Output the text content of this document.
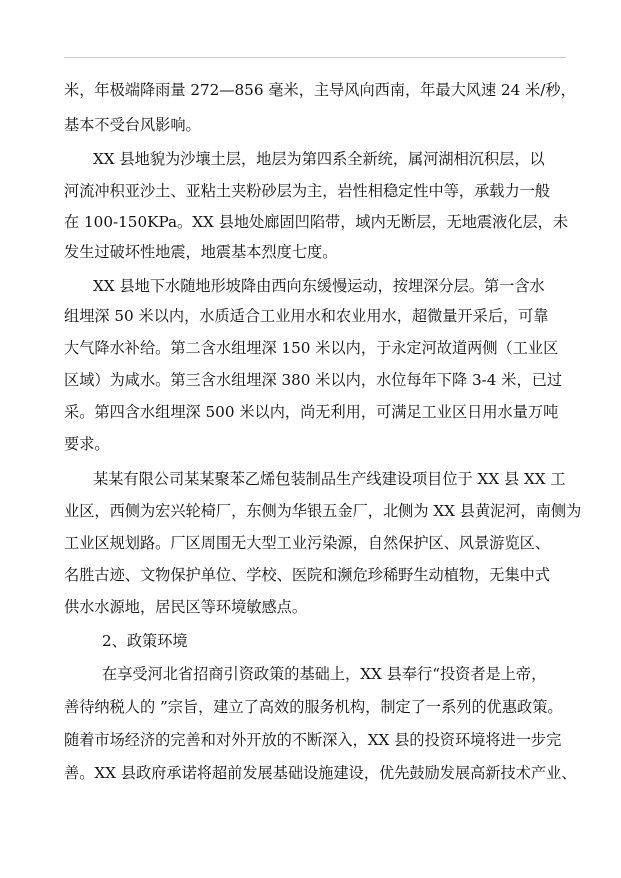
米，年极端降雨量 272—856 毫米，主导风向西南，年最大风速 24 米/秒，
基本不受台风影响。
XX 县地貌为沙壤土层，地层为第四系全新统，属河湖相沉积层，以
河流冲积亚沙土、亚粘土夹粉砂层为主，岩性相稳定性中等，承载力一般
在 100-150KPa。XX 县地处廊固凹陷带，域内无断层，无地震液化层，未
发生过破坏性地震，地震基本烈度七度。
XX 县地下水随地形坡降由西向东缓慢运动，按埋深分层。第一含水
组埋深 50 米以内，水质适合工业用水和农业用水，超微量开采后，可靠
大气降水补给。第二含水组埋深 150 米以内，于永定河故道两侧（工业区
区域）为咸水。第三含水组埋深 380 米以内，水位每年下降 3-4 米，已过
采。第四含水组埋深 500 米以内，尚无利用，可满足工业区日用水量万吨
要求。
某某有限公司某某聚苯乙烯包装制品生产线建设项目位于 XX 县 XX 工
业区，西侧为宏兴轮椅厂，东侧为华银五金厂，北侧为 XX 县黄泥河，南侧为
工业区规划路。厂区周围无大型工业污染源，自然保护区、风景游览区、
名胜古迹、文物保护单位、学校、医院和濒危珍稀野生动植物，无集中式
供水水源地，居民区等环境敏感点。
2、政策环境
在享受河北省招商引资政策的基础上，XX 县奉行“投资者是上帝，
善待纳税人的 ”宗旨，建立了高效的服务机构，制定了一系列的优惠政策。
随着市场经济的完善和对外开放的不断深入，XX 县的投资环境将进一步完
善。XX 县政府承诺将超前发展基础设施建设，优先鼓励发展高新技术产业、
